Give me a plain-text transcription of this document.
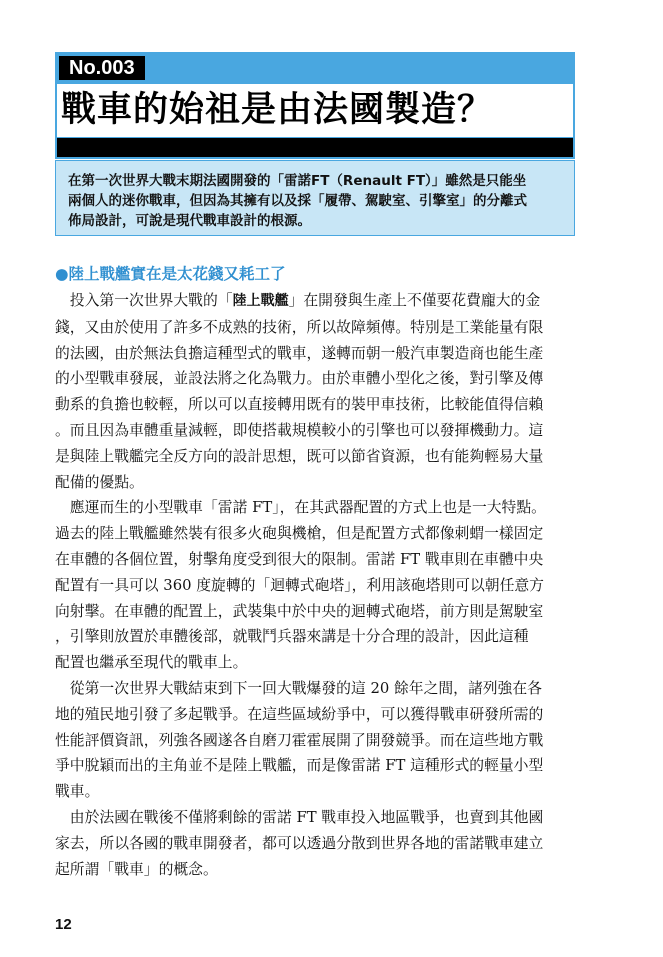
No.003
戰車的始祖是由法國製造？
在第一次世界大戰末期法國開發的「雷諾FT（Renault FT）」雖然是只能坐
兩個人的迷你戰車，但因為其擁有以及採「履帶、駕駛室、引擎室」的分離式
佈局設計，可說是現代戰車設計的根源。
●陸上戰艦實在是太花錢又耗工了
　投入第一次世界大戰的「陸上戰艦」在開發與生產上不僅要花費龐大的金
錢，又由於使用了許多不成熟的技術，所以故障頻傳。特別是工業能量有限
的法國，由於無法負擔這種型式的戰車，遂轉而朝一般汽車製造商也能生產
的小型戰車發展，並設法將之化為戰力。由於車體小型化之後，對引擎及傳
動系的負擔也較輕，所以可以直接轉用既有的裝甲車技術，比較能值得信賴
。而且因為車體重量減輕，即使搭載規模較小的引擎也可以發揮機動力。這
是與陸上戰艦完全反方向的設計思想，既可以節省資源，也有能夠輕易大量
配備的優點。
　應運而生的小型戰車「雷諾 FT」，在其武器配置的方式上也是一大特點。
過去的陸上戰艦雖然裝有很多火砲與機槍，但是配置方式都像刺蝟一樣固定
在車體的各個位置，射擊角度受到很大的限制。雷諾 FT 戰車則在車體中央
配置有一具可以 360 度旋轉的「迴轉式砲塔」，利用該砲塔則可以朝任意方
向射擊。在車體的配置上，武裝集中於中央的迴轉式砲塔，前方則是駕駛室
，引擎則放置於車體後部，就戰鬥兵器來講是十分合理的設計，因此這種
配置也繼承至現代的戰車上。
　從第一次世界大戰結束到下一回大戰爆發的這 20 餘年之間，諸列強在各
地的殖民地引發了多起戰爭。在這些區域紛爭中，可以獲得戰車研發所需的
性能評價資訊，列強各國遂各自磨刀霍霍展開了開發競爭。而在這些地方戰
爭中脫穎而出的主角並不是陸上戰艦，而是像雷諾 FT 這種形式的輕量小型
戰車。
　由於法國在戰後不僅將剩餘的雷諾 FT 戰車投入地區戰爭，也賣到其他國
家去，所以各國的戰車開發者，都可以透過分散到世界各地的雷諾戰車建立
起所謂「戰車」的概念。
12
